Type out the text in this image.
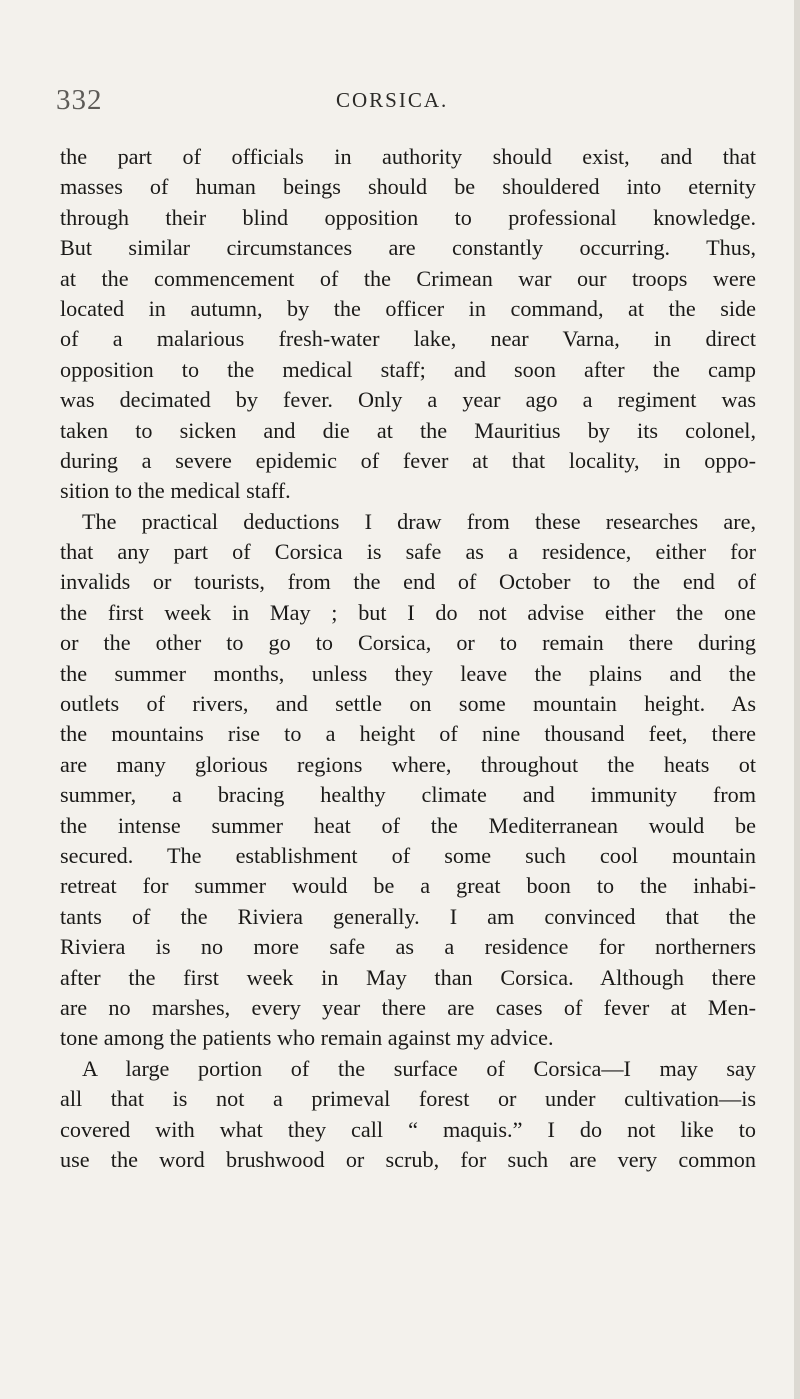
332	CORSICA.
the part of officials in authority should exist, and that
masses of human beings should be shouldered into eternity
through their blind opposition to professional knowledge.
But similar circumstances are constantly occurring. Thus,
at the commencement of the Crimean war our troops were
located in autumn, by the officer in command, at the side
of a malarious fresh-water lake, near Varna, in direct
opposition to the medical staff; and soon after the camp
was decimated by fever. Only a year ago a regiment was
taken to sicken and die at the Mauritius by its colonel,
during a severe epidemic of fever at that locality, in oppo-
sition to the medical staff.
The practical deductions I draw from these researches are,
that any part of Corsica is safe as a residence, either for
invalids or tourists, from the end of October to the end of
the first week in May ; but I do not advise either the one
or the other to go to Corsica, or to remain there during
the summer months, unless they leave the plains and the
outlets of rivers, and settle on some mountain height. As
the mountains rise to a height of nine thousand feet, there
are many glorious regions where, throughout the heats ot
summer, a bracing healthy climate and immunity from
the intense summer heat of the Mediterranean would be
secured. The establishment of some such cool mountain
retreat for summer would be a great boon to the inhabi-
tants of the Riviera generally. I am convinced that the
Riviera is no more safe as a residence for northerners
after the first week in May than Corsica. Although there
are no marshes, every year there are cases of fever at Men-
tone among the patients who remain against my advice.
A large portion of the surface of Corsica—I may say
all that is not a primeval forest or under cultivation—is
covered with what they call “ maquis.” I do not like to
use the word brushwood or scrub, for such are very common
